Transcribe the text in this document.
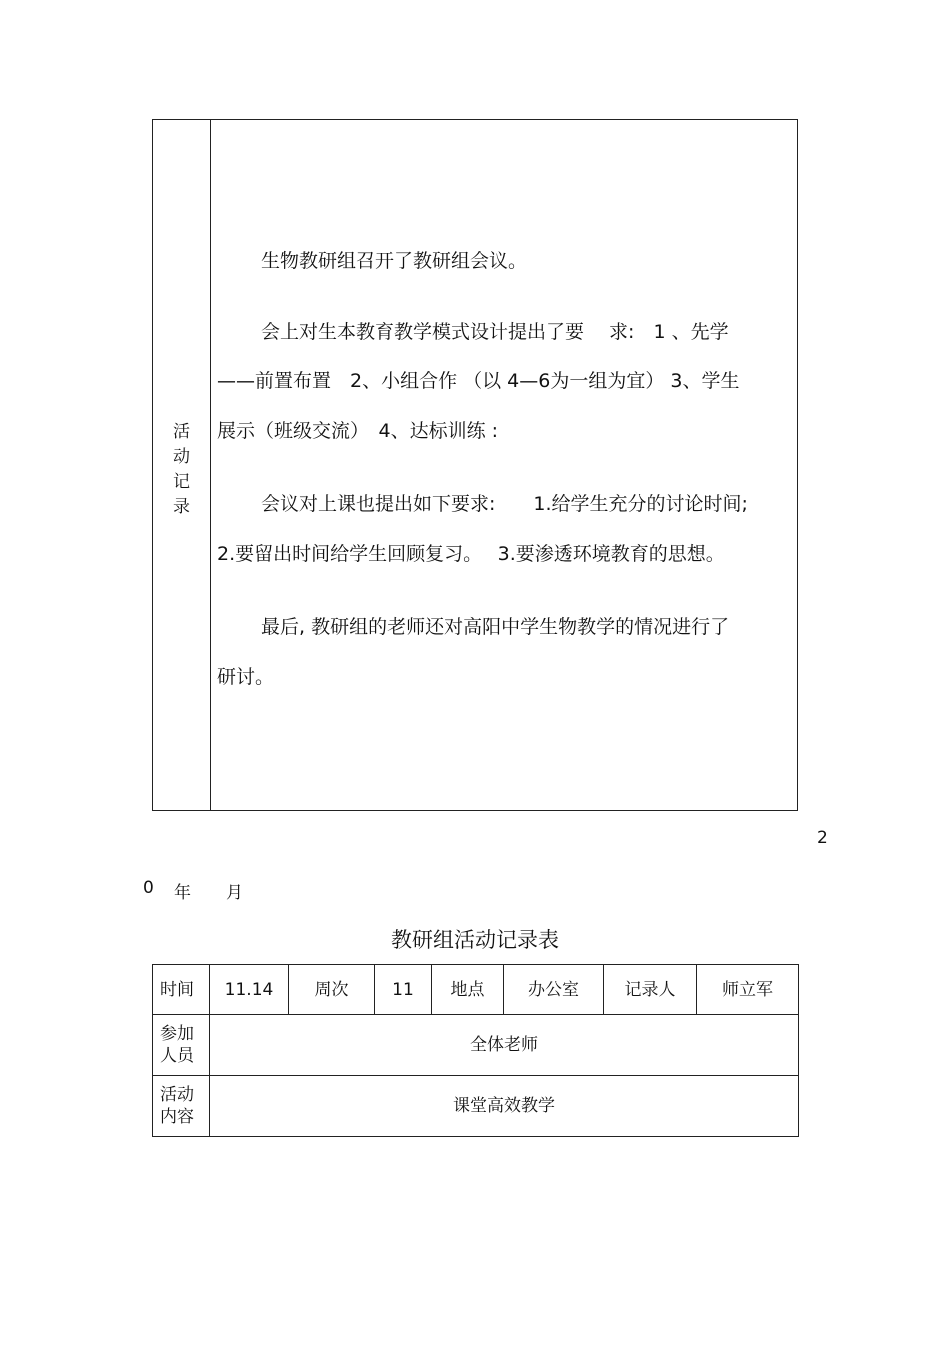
活
动
记
录
生物教研组召开了教研组会议。
会上对生本教育教学模式设计提出了要　 求:　1 、先学
——前置布置　2、小组合作 （以 4—6为一组为宜） 3、学生
展示（班级交流）　4、达标训练 :
会议对上课也提出如下要求:　　1.给学生充分的讨论时间;
2.要留出时间给学生回顾复习。　 3.要渗透环境教育的思想。
最后, 教研组的老师还对高阳中学生物教学的情况进行了
研讨。
2
0 年 月
教研组活动记录表
时间	11.14	周次	11	地点	办公室	记录人	师立军
参加人员	全体老师						
活动内容	课堂高效教学						
